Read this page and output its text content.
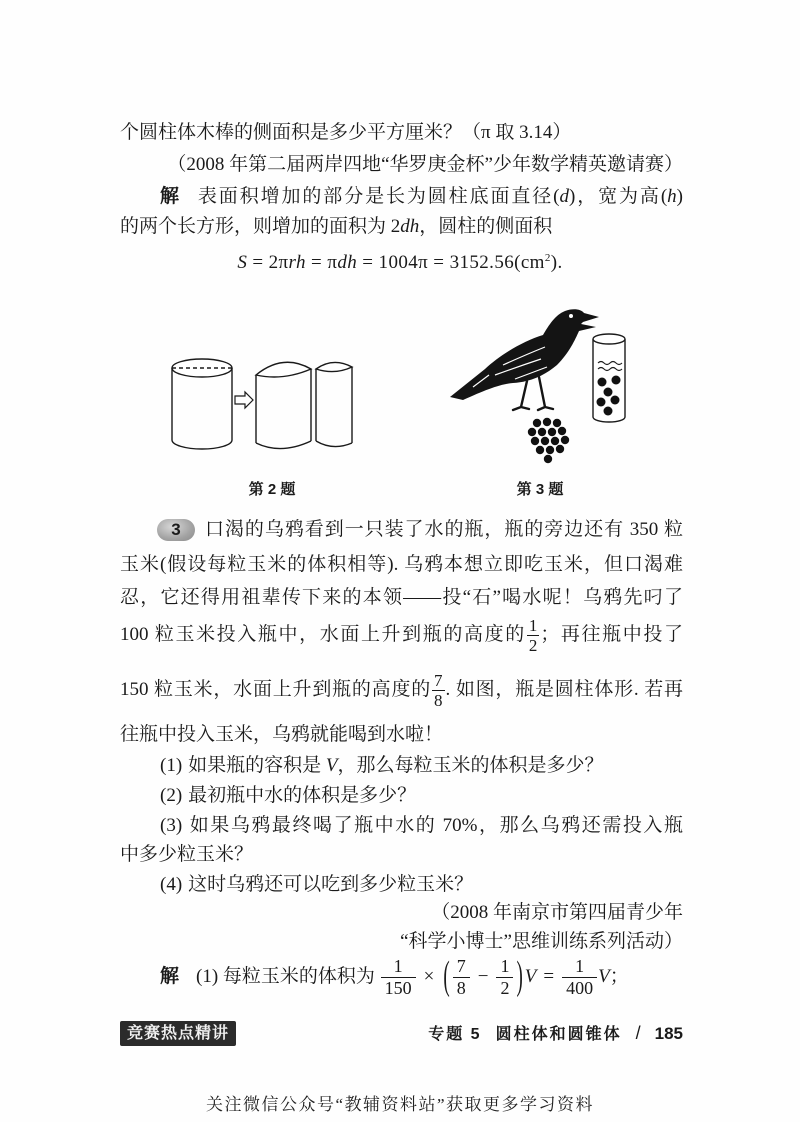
个圆柱体木棒的侧面积是多少平方厘米？（π 取 3.14）
（2008 年第二届两岸四地“华罗庚金杯”少年数学精英邀请赛）
解 表面积增加的部分是长为圆柱底面直径(d)，宽为高(h)
的两个长方形，则增加的面积为 2dh，圆柱的侧面积
$S = 2\pi rh = \pi dh = 1004\pi = 3152.56(cm^2)$.
第 2 题	第 3 题
3	口渴的乌鸦看到一只装了水的瓶，瓶的旁边还有 350 粒
玉米(假设每粒玉米的体积相等). 乌鸦本想立即吃玉米，但口渴难
忍，它还得用祖辈传下来的本领——投“石”喝水呢！乌鸦先叼了
100 粒玉米投入瓶中，水面上升到瓶的高度的 $\frac{1}{2}$ ；再往瓶中投了
150 粒玉米，水面上升到瓶的高度的 $\frac{7}{8}$ . 如图，瓶是圆柱体形. 若再
往瓶中投入玉米，乌鸦就能喝到水啦！
(1) 如果瓶的容积是 V，那么每粒玉米的体积是多少？
(2) 最初瓶中水的体积是多少？
(3) 如果乌鸦最终喝了瓶中水的 70%，那么乌鸦还需投入瓶
中多少粒玉米？
(4) 这时乌鸦还可以吃到多少粒玉米？
（2008 年南京市第四届青少年
“科学小博士”思维训练系列活动）
解 (1) 每粒玉米的体积为 $\frac{1}{150}$ × ( $\frac{7}{8} - \frac{1}{2}$ ) $V = \frac{1}{400}$ V；
竞赛热点精讲	专题 5 圆柱体和圆锥体 / 185
关注微信公众号“教辅资料站”获取更多学习资料
